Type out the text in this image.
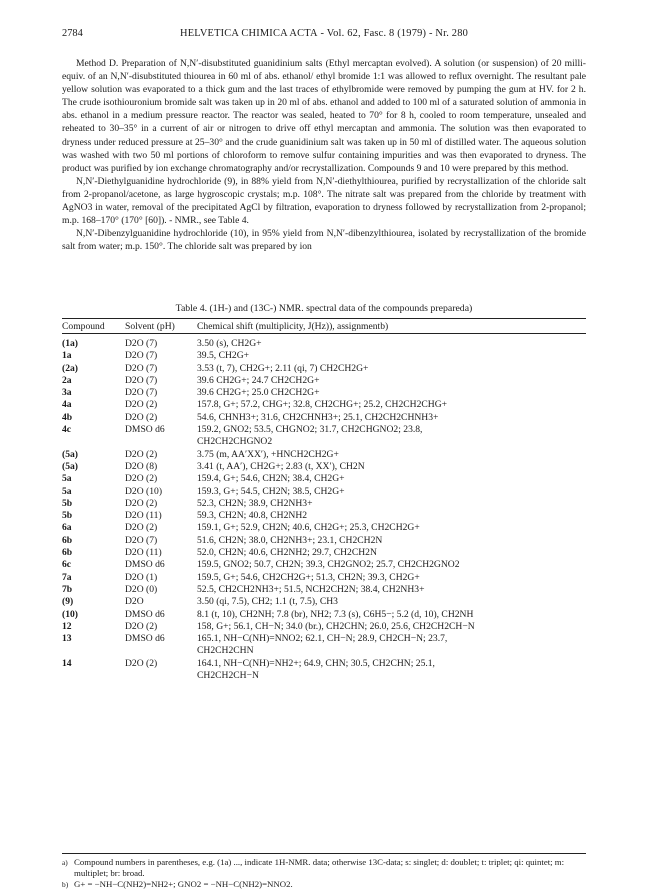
2784	HELVETICA CHIMICA ACTA - Vol. 62, Fasc. 8 (1979) - Nr. 280

Method D. Preparation of N,N′-disubstituted guanidinium salts (Ethyl mercaptan evolved). A solution (or suspension) of 20 milli-equiv. of an N,N′-disubstituted thiourea in 60 ml of abs. ethanol/ ethyl bromide 1:1 was allowed to reflux overnight. The resultant pale yellow solution was evaporated to a thick gum and the last traces of ethylbromide were removed by pumping the gum at HV. for 2 h. The crude isothiouronium bromide salt was taken up in 20 ml of abs. ethanol and added to 100 ml of a saturated solution of ammonia in abs. ethanol in a medium pressure reactor. The reactor was sealed, heated to 70° for 8 h, cooled to room temperature, unsealed and reheated to 30–35° in a current of air or nitrogen to drive off ethyl mercaptan and ammonia. The solution was then evaporated to dryness under reduced pressure at 25–30° and the crude guanidinium salt was taken up in 50 ml of distilled water. The aqueous solution was washed with two 50 ml portions of chloroform to remove sulfur containing impurities and was then evaporated to dryness. The product was purified by ion exchange chromatography and/or recrystallization. Compounds 9 and 10 were prepared by this method.

N,N′-Diethylguanidine hydrochloride (9), in 88% yield from N,N′-diethylthiourea, purified by recrystallization of the chloride salt from 2-propanol/acetone, as large hygroscopic crystals; m.p. 108°. The nitrate salt was prepared from the chloride by treatment with AgNO3 in water, removal of the precipitated AgCl by filtration, evaporation to dryness followed by recrystallization from 2-propanol; m.p. 168–170° (170° [60]). - NMR., see Table 4.

N,N′-Dibenzylguanidine hydrochloride (10), in 95% yield from N,N′-dibenzylthiourea, isolated by recrystallization of the bromide salt from water; m.p. 150°. The chloride salt was prepared by ion

Table 4. (1H-) and (13C-) NMR. spectral data of the compounds prepareda)
Compound Solvent (pH) Chemical shift (multiplicity, J(Hz)), assignmentb)
(1a)	D2O (7)	3.50 (s), CH2G+
1a	D2O (7)	39.5, CH2G+
(2a)	D2O (7)	3.53 (t, 7), CH2G+; 2.11 (qi, 7) CH2CH2G+
2a	D2O (7)	39.6 CH2G+; 24.7 CH2CH2G+
3a	D2O (7)	39.6 CH2G+; 25.0 CH2CH2G+
4a	D2O (2)	157.8, G+; 57.2, CHG+; 32.8, CH2CHG+; 25.2, CH2CH2CHG+
4b	D2O (2)	54.6, CHNH3+; 31.6, CH2CHNH3+; 25.1, CH2CH2CHNH3+
4c	DMSO d6	159.2, GNO2; 53.5, CHGNO2; 31.7, CH2CHGNO2; 23.8,
CH2CH2CHGNO2
(5a)	D2O (2)	3.75 (m, AA′XX′), +HNCH2CH2G+
(5a)	D2O (8)	3.41 (t, AA′), CH2G+; 2.83 (t, XX′), CH2N
5a	D2O (2)	159.4, G+; 54.6, CH2N; 38.4, CH2G+
5a	D2O (10)	159.3, G+; 54.5, CH2N; 38.5, CH2G+
5b	D2O (2)	52.3, CH2N; 38.9, CH2NH3+
5b	D2O (11)	59.3, CH2N; 40.8, CH2NH2
6a	D2O (2)	159.1, G+; 52.9, CH2N; 40.6, CH2G+; 25.3, CH2CH2G+
6b	D2O (7)	51.6, CH2N; 38.0, CH2NH3+; 23.1, CH2CH2N
6b	D2O (11)	52.0, CH2N; 40.6, CH2NH2; 29.7, CH2CH2N
6c	DMSO d6	159.5, GNO2; 50.7, CH2N; 39.3, CH2GNO2; 25.7, CH2CH2GNO2
7a	D2O (1)	159.5, G+; 54.6, CH2CH2G+; 51.3, CH2N; 39.3, CH2G+
7b	D2O (0)	52.5, CH2CH2NH3+; 51.5, NCH2CH2N; 38.4, CH2NH3+
(9)	D2O	3.50 (qi, 7.5), CH2; 1.1 (t, 7.5), CH3
(10)	DMSO d6	8.1 (t, 10), CH2NH; 7.8 (br), NH2; 7.3 (s), C6H5−; 5.2 (d, 10), CH2NH
12	D2O (2)	158, G+; 56.1, CH−N; 34.0 (br.), CH2CHN; 26.0, 25.6, CH2CH2CH−N
13	DMSO d6	165.1, NH−C(NH)=NNO2; 62.1, CH−N; 28.9, CH2CH−N; 23.7,
CH2CH2CHN
14	D2O (2)	164.1, NH−C(NH)=NH2+; 64.9, CHN; 30.5, CH2CHN; 25.1,
CH2CH2CH−N
a) Compound numbers in parentheses, e.g. (1a) ..., indicate 1H-NMR. data; otherwise 13C-data; s: singlet; d: doublet; t: triplet; qi: quintet; m: multiplet; br: broad.
b) G+ = −NH−C(NH2)=NH2+; GNO2 = −NH−C(NH2)=NNO2.
